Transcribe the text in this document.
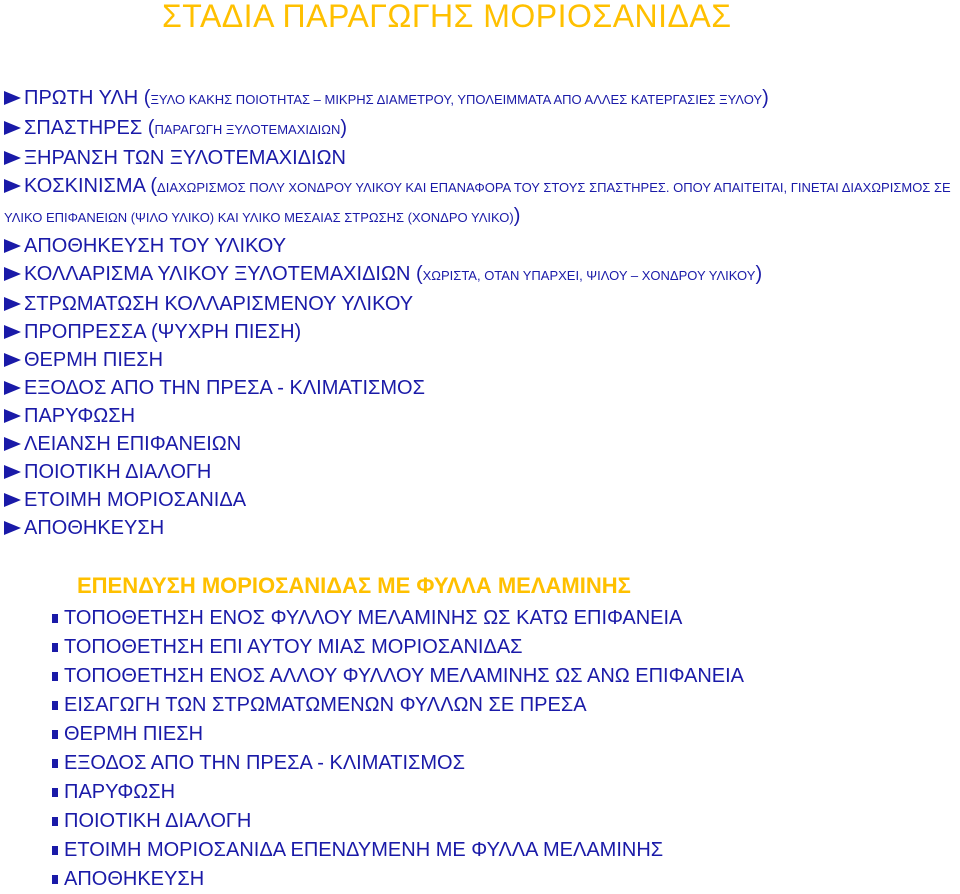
ΣΤΑΔΙΑ ΠΑΡΑΓΩΓΗΣ ΜΟΡΙΟΣΑΝΙΔΑΣ
ΠΡΩΤΗ ΥΛΗ (ΞΥΛΟ ΚΑΚΗΣ ΠΟΙΟΤΗΤΑΣ – ΜΙΚΡΗΣ ΔΙΑΜΕΤΡΟΥ, ΥΠΟΛΕΙΜΜΑΤΑ ΑΠΟ ΑΛΛΕΣ ΚΑΤΕΡΓΑΣΙΕΣ ΞΥΛΟΥ)
ΣΠΑΣΤΗΡΕΣ (ΠΑΡΑΓΩΓΗ ΞΥΛΟΤΕΜΑΧΙΔΙΩΝ)
ΞΗΡΑΝΣΗ ΤΩΝ ΞΥΛΟΤΕΜΑΧΙΔΙΩΝ
ΚΟΣΚΙΝΙΣΜΑ (ΔΙΑΧΩΡΙΣΜΟΣ ΠΟΛΥ ΧΟΝΔΡΟΥ ΥΛΙΚΟΥ ΚΑΙ ΕΠΑΝΑΦΟΡΑ ΤΟΥ ΣΤΟΥΣ ΣΠΑΣΤΗΡΕΣ. ΟΠΟΥ ΑΠΑΙΤΕΙΤΑΙ, ΓΙΝΕΤΑΙ ΔΙΑΧΩΡΙΣΜΟΣ ΣΕ ΥΛΙΚΟ ΕΠΙΦΑΝΕΙΩΝ (ΨΙΛΟ ΥΛΙΚΟ) ΚΑΙ ΥΛΙΚΟ ΜΕΣΑΙΑΣ ΣΤΡΩΣΗΣ (ΧΟΝΔΡΟ ΥΛΙΚΟ))
ΑΠΟΘΗΚΕΥΣΗ ΤΟΥ ΥΛΙΚΟΥ
ΚΟΛΛΑΡΙΣΜΑ ΥΛΙΚΟΥ ΞΥΛΟΤΕΜΑΧΙΔΙΩΝ (ΧΩΡΙΣΤΑ, ΟΤΑΝ ΥΠΑΡΧΕΙ, ΨΙΛΟΥ – ΧΟΝΔΡΟΥ ΥΛΙΚΟΥ)
ΣΤΡΩΜΑΤΩΣΗ ΚΟΛΛΑΡΙΣΜΕΝΟΥ ΥΛΙΚΟΥ
ΠΡΟΠΡΕΣΣΑ (ΨΥΧΡΗ ΠΙΕΣΗ)
ΘΕΡΜΗ ΠΙΕΣΗ
ΕΞΟΔΟΣ ΑΠΟ ΤΗΝ ΠΡΕΣΑ - ΚΛΙΜΑΤΙΣΜΟΣ
ΠΑΡΥΦΩΣΗ
ΛΕΙΑΝΣΗ ΕΠΙΦΑΝΕΙΩΝ
ΠΟΙΟΤΙΚΗ ΔΙΑΛΟΓΗ
ΕΤΟΙΜΗ ΜΟΡΙΟΣΑΝΙΔΑ
ΑΠΟΘΗΚΕΥΣΗ
ΕΠΕΝΔΥΣΗ ΜΟΡΙΟΣΑΝΙΔΑΣ ΜΕ ΦΥΛΛΑ ΜΕΛΑΜΙΝΗΣ
ΤΟΠΟΘΕΤΗΣΗ ΕΝΟΣ ΦΥΛΛΟΥ ΜΕΛΑΜΙΝΗΣ ΩΣ ΚΑΤΩ ΕΠΙΦΑΝΕΙΑ
ΤΟΠΟΘΕΤΗΣΗ ΕΠΙ ΑΥΤΟΥ ΜΙΑΣ ΜΟΡΙΟΣΑΝΙΔΑΣ
ΤΟΠΟΘΕΤΗΣΗ ΕΝΟΣ ΑΛΛΟΥ ΦΥΛΛΟΥ ΜΕΛΑΜΙΝΗΣ ΩΣ ΑΝΩ ΕΠΙΦΑΝΕΙΑ
ΕΙΣΑΓΩΓΗ ΤΩΝ ΣΤΡΩΜΑΤΩΜΕΝΩΝ ΦΥΛΛΩΝ ΣΕ ΠΡΕΣΑ
ΘΕΡΜΗ ΠΙΕΣΗ
ΕΞΟΔΟΣ ΑΠΟ ΤΗΝ ΠΡΕΣΑ - ΚΛΙΜΑΤΙΣΜΟΣ
ΠΑΡΥΦΩΣΗ
ΠΟΙΟΤΙΚΗ ΔΙΑΛΟΓΗ
ΕΤΟΙΜΗ ΜΟΡΙΟΣΑΝΙΔΑ ΕΠΕΝΔΥΜΕΝΗ ΜΕ ΦΥΛΛΑ ΜΕΛΑΜΙΝΗΣ
ΑΠΟΘΗΚΕΥΣΗ
